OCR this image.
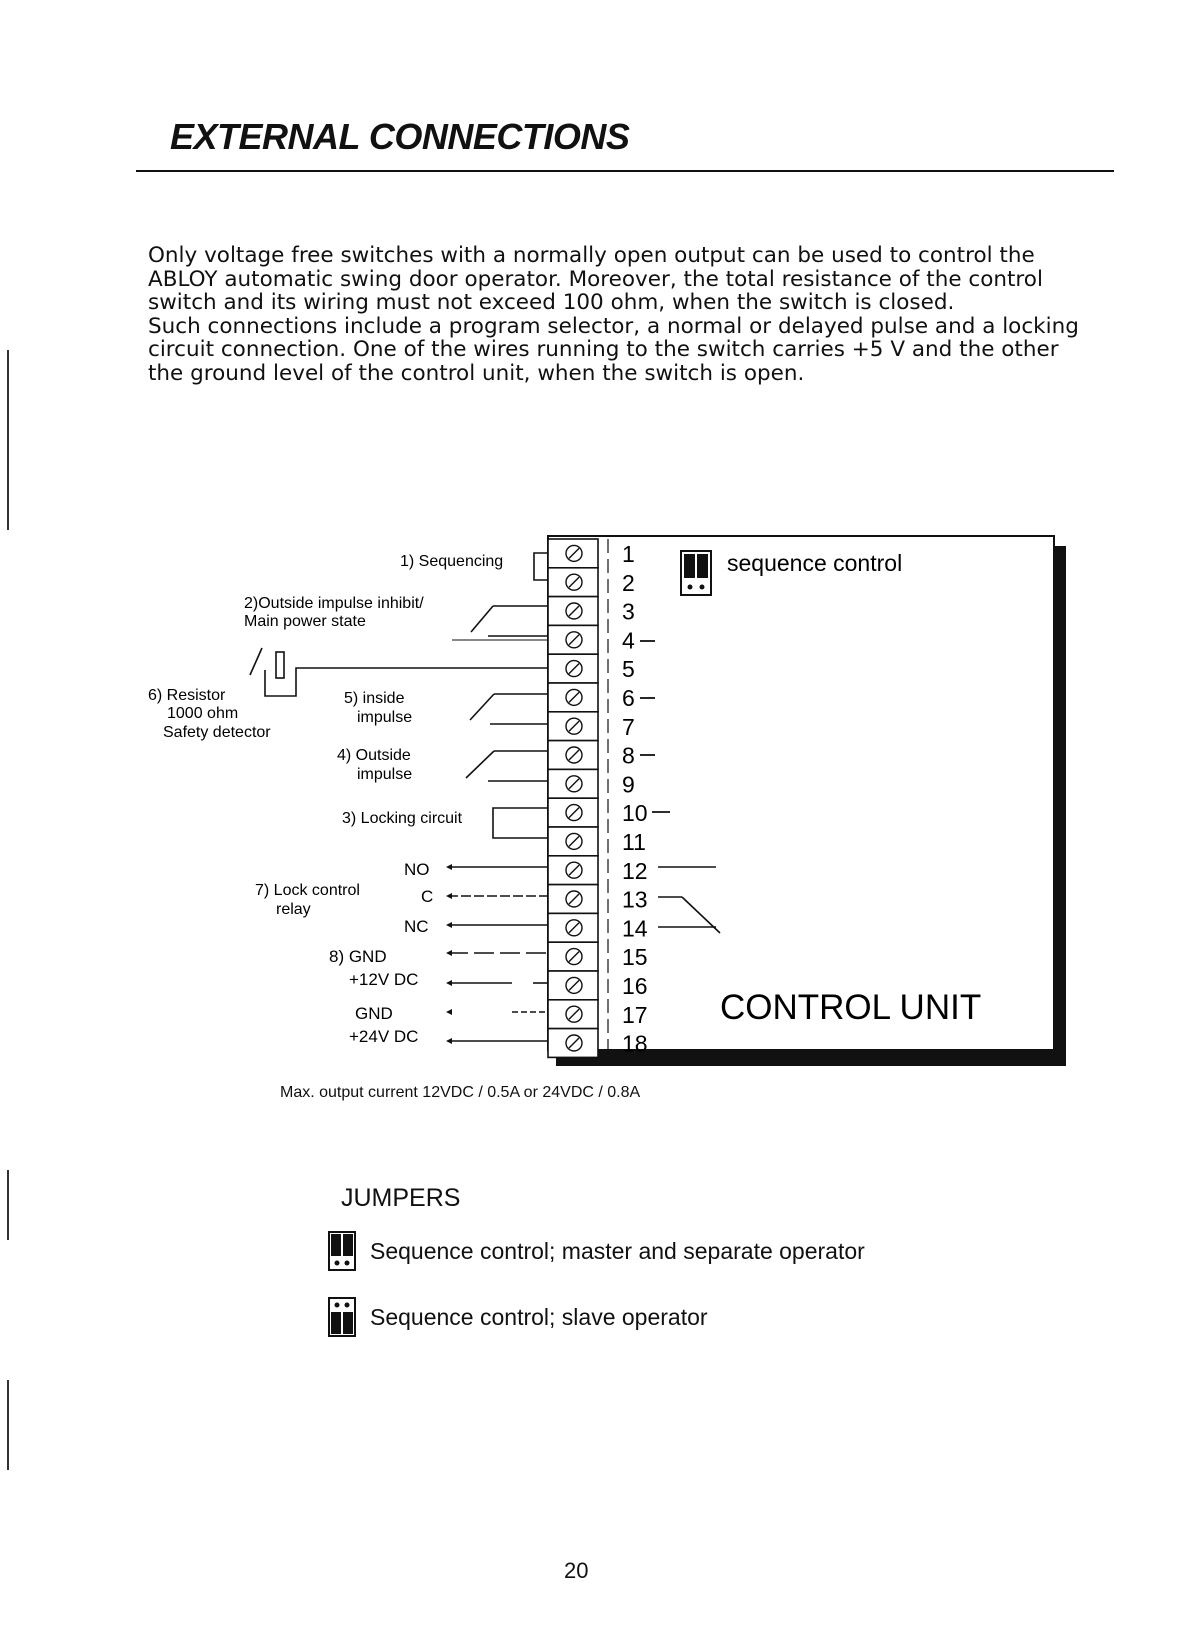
EXTERNAL CONNECTIONS

Only voltage free switches with a normally open output can be used to control the ABLOY automatic swing door operator. Moreover, the total resistance of the control switch and its wiring must not exceed 100 ohm, when the switch is closed.

Such connections include a program selector, a normal or delayed pulse and a locking circuit connection. One of the wires running to the switch carries +5 V and the other the ground level of the control unit, when the switch is open.

1
2
3
4
5
6
7
8
9
10
11
12
13
14
15
16
17
18
sequence control
CONTROL UNIT
1) Sequencing
2)Outside impulse inhibit/
Main power state
6) Resistor
1000 ohm
Safety detector
5) inside
impulse
4) Outside
impulse
3) Locking circuit
7) Lock control
relay
NO
C
NC
8) GND
+12V DC
GND
+24V DC
Max. output current 12VDC / 0.5A or 24VDC / 0.8A
JUMPERS
Sequence control; master and separate operator
Sequence control; slave operator
20
